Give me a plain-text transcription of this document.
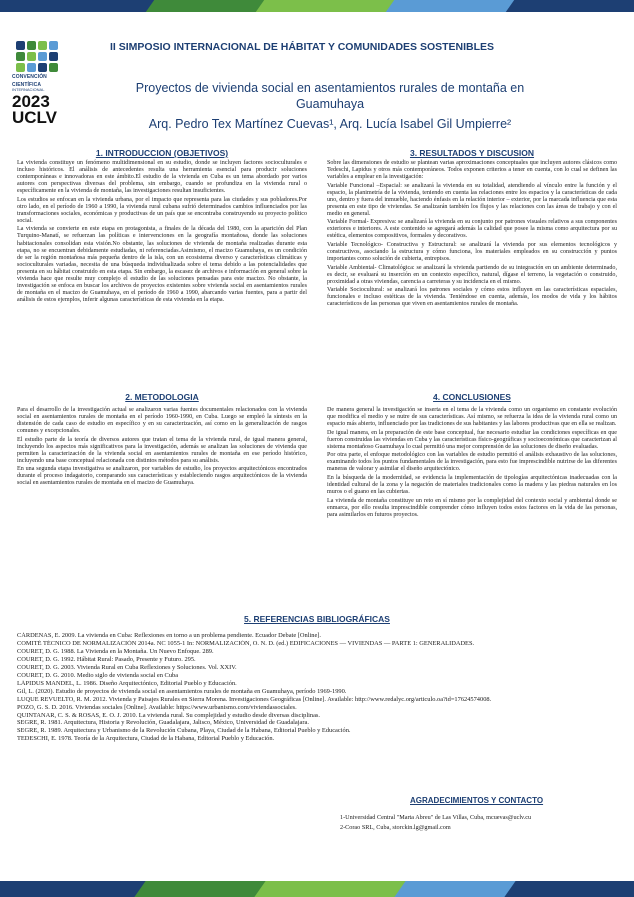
CONVENCIÓN
CIENTÍFICA
INTERNACIONAL
2023
UCLV
II SIMPOSIO INTERNACIONAL DE HÁBITAT Y COMUNIDADES SOSTENIBLES
Proyectos de vivienda social en asentamientos rurales de montaña en
Guamuhaya
Arq. Pedro Tex Martínez Cuevas¹, Arq. Lucía Isabel Gil Umpierre²
1. INTRODUCCION (OBJETIVOS)

La vivienda constituye un fenómeno multidimensional en su estudio, donde se incluyen factores socioculturales e incluso históricos. El análisis de antecedentes resulta una herramienta esencial para producir soluciones contemporáneas e innovadoras en este ámbito.El estudio de la vivienda en Cuba es un tema abordado por varios autores con perspectivas diversas del problema, sin embargo, cuando se profundiza en la vivienda rural o específicamente en la vivienda de montaña, las investigaciones resultan insuficientes.

Los estudios se enfocan en la vivienda urbana, por el impacto que representa para las ciudades y sus pobladores.Por otro lado, en el período de 1960 a 1990, la vivienda rural cubana sufrió determinados cambios influenciados por las transformaciones sociales, económicas y productivas de un país que se encontraba construyendo su proyecto político social.

La vivienda se convierte en este etapa en protagonista, a finales de la década del 1980, con la aparición del Plan Turquino-Manatí, se refuerzan las políticas e intervenciones en la geografía montañosa, donde las soluciones habitacionales consolidan esta visión.No obstante, las soluciones de vivienda de montaña realizadas durante esta etapa, no se encuentran debidamente estudiadas, ni referenciadas.Asimismo, el macizo Guamuhaya, es un condición de ser la región montañosa más pequeña dentro de la isla, con un ecosistema diverso y características climáticas y socioculturales variadas, necesita de una búsqueda individualizada sobre el tema debido a las potencialidades que presenta en su hábitat construido en esta etapa. Sin embargo, la escasez de archivos e información en general sobre la vivienda hace que resulte muy complejo el estudio de las soluciones pensadas para este macizo. No obstante, la investigación se enfoca en buscar los archivos de proyectos existentes sobre vivienda social en asentamientos rurales de montaña en el macizo de Guamuhaya, en el período de 1960 a 1990, abarcando varias fuentes, para a partir del análisis de estos ejemplos, inferir algunas características de esta vivienda en la etapa.

2. METODOLOGIA

Para el desarrollo de la investigación actual se analizaron varias fuentes documentales relacionados con la vivienda social en asentamientos rurales de montaña en el período 1960-1990, en Cuba. Luego se empleó la síntesis en la distensión de cada caso de estudio en específico y en su caracterización, así como en la generalización de rasgos comunes y excepcionales.

El estudio parte de la teoría de diversos autores que tratan el tema de la vivienda rural, de igual manera general, incluyendo los aspectos más significativos para la investigación, además se analizan las soluciones de vivienda que permiten la caracterización de la vivienda social en asentamientos rurales de montaña en ese período histórico, incluyendo una base conceptual relacionada con distintos métodos para su análisis.

En una segunda etapa investigativa se analizaron, por variables de estudio, los proyectos arquitectónicos encontrados durante el proceso indagatorio, comparando sus características y estableciendo rasgos arquitectónicos de la vivienda social en asentamientos rurales de montaña en el macizo de Guamuhaya.

3. RESULTADOS Y DISCUSION

Sobre las dimensiones de estudio se plantean varias aproximaciones conceptuales que incluyen autores clásicos como Tedeschi, Lapidus y otros más contemporáneos. Todos exponen criterios a tener en cuenta, con lo cual se definen las variables a emplear en la investigación:

Variable Funcional –Espacial: se analizará la vivienda en su totalidad, atendiendo al vínculo entre la función y el espacio, la planimetría de la vivienda, teniendo en cuenta las relaciones entre los espacios y la características de cada uno, dentro y fuera del inmueble, haciendo énfasis en la relación interior – exterior, por la marcada influencia que esta presenta en este tipo de viviendas. Se analizarán también los flujos y las relaciones con las áreas de trabajo y con el medio en general.

Variable Formal- Expresiva: se analizará la vivienda en su conjunto por patrones visuales relativos a sus componentes exteriores e interiores. A este contenido se agregará además la calidad que posee la misma como arquitectura por su estética, elementos compositivos, formales y decorativos.

Variable Tecnológico- Constructiva y Estructural: se analizará la vivienda por sus elementos tecnológicos y constructivos, asociando la estructura y cómo funciona, los materiales empleados en su construcción y puntos importantes como solución de cubierta, entrepisos.

Variable Ambiental- Climatológica: se analizará la vivienda partiendo de su integración en un ambiente determinado, es decir, se evaluará su inserción en un contexto específico, natural, dígase el terreno, la vegetación o construido, proximidad a otras viviendas, carencia a carreteras y su incidencia en el mismo.

Variable Sociocultural: se analizará los patrones sociales y cómo estos influyen en las características espaciales, funcionales e incluso estéticas de la vivienda. Teniéndose en cuenta, además, los modos de vida y los hábitos característicos de las personas que viven en asentamientos rurales de montaña.

4. CONCLUSIONES

De manera general la investigación se inserta en el tema de la vivienda como un organismo en constante evolución que modifica el medio y se nutre de sus características. Así mismo, se refuerza la idea de la vivienda rural como un espacio más abierto, influenciado por las tradiciones de sus habitantes y las labores productivas que en ella se realizan.

De igual manera, en la preparación de este base conceptual, fue necesario estudiar las condiciones específicas en que fueron construidas las viviendas en Cuba y las características físico-geográficas y socioeconómicas que caracterizan al sistema montañoso Guamuhaya lo cual permitió una mejor comprensión de las soluciones de diseño evaluadas.

Por otra parte, el enfoque metodológico con las variables de estudio permitió el análisis exhaustivo de las soluciones, examinando todos los puntos fundamentales de la investigación, para esto fue imprescindible nutrirse de las diferentes maneras de valorar y asimilar el diseño arquitectónico.

En la búsqueda de la modernidad, se evidencia la implementación de tipologías arquitectónicas inadecuadas con la identidad cultural de la zona y la negación de materiales tradicionales como la madera y las piedras naturales en los muros o el guano en las cubiertas.

La vivienda de montaña constituye un reto en sí mismo por la complejidad del contexto social y ambiental donde se enmarca, por ello resulta imprescindible comprender cómo influyen todos estos factores en la vida de las personas, para asimilarlos en futuros proyectos.

5. REFERENCIAS BIBLIOGRÁFICAS
CÁRDENAS, E. 2009. La vivienda en Cuba: Reflexiones en torno a un problema pendiente. Ecuador Debate [Online].
COMITÉ TÉCNICO DE NORMALIZACIÓN 2014a. NC 1055-1 In: NORMALIZACIÓN, O. N. D. (ed.) EDIFICACIONES — VIVIENDAS — PARTE 1: GENERALIDADES.
COURET, D. G. 1988. La Vivienda en la Montaña. Un Nuevo Enfoque. 289.
COURET, D. G. 1992. Hábitat Rural: Pasado, Presente y Futuro. 295.
COURET, D. G. 2003. Vivienda Rural en Cuba Reflexiones y Soluciones. Vol. XXIV.
COURET, D. G. 2010. Medio siglo de vivienda social en Cuba
LÁPIDUS MANDEL, L. 1986. Diseño Arquitectónico, Editorial Pueblo y Educación.
Gil, L. (2020). Estudio de proyectos de vivienda social en asentamientos rurales de montaña en Guamuhaya, período 1969-1990.
LUQUE REVUELTO, R. M. 2012. Vivienda y Paisajes Rurales en Sierra Morena. Investigaciones Geográficas [Online]. Available: http://www.redalyc.org/articulo.oa?id=17624574008.
POZO, G. S. D. 2016. Viviendas sociales [Online]. Available: https://www.urbanismo.com/viviendassociales.
QUINTANAR, C. S. & ROSAS, E. O. J. 2010. La vivienda rural. Su complejidad y estudio desde diversas disciplinas.
SEGRE, R. 1981. Arquitectura, Historia y Revolución, Guadalajara, Jalisco, México, Universidad de Guadalajara.
SEGRE, R. 1989. Arquitectura y Urbanismo de la Revolución Cubana, Playa, Ciudad de la Habana, Editorial Pueblo y Educación.
TEDESCHI, E. 1978. Teoría de la Arquitectura, Ciudad de la Habana, Editorial Pueblo y Educación.
AGRADECIMIENTOS Y CONTACTO
1-Universidad Central "Marta Abreu" de Las Villas, Cuba, mcuevas@uclv.cu
2-Corao SRL, Cuba, storckin.lg@gmail.com
